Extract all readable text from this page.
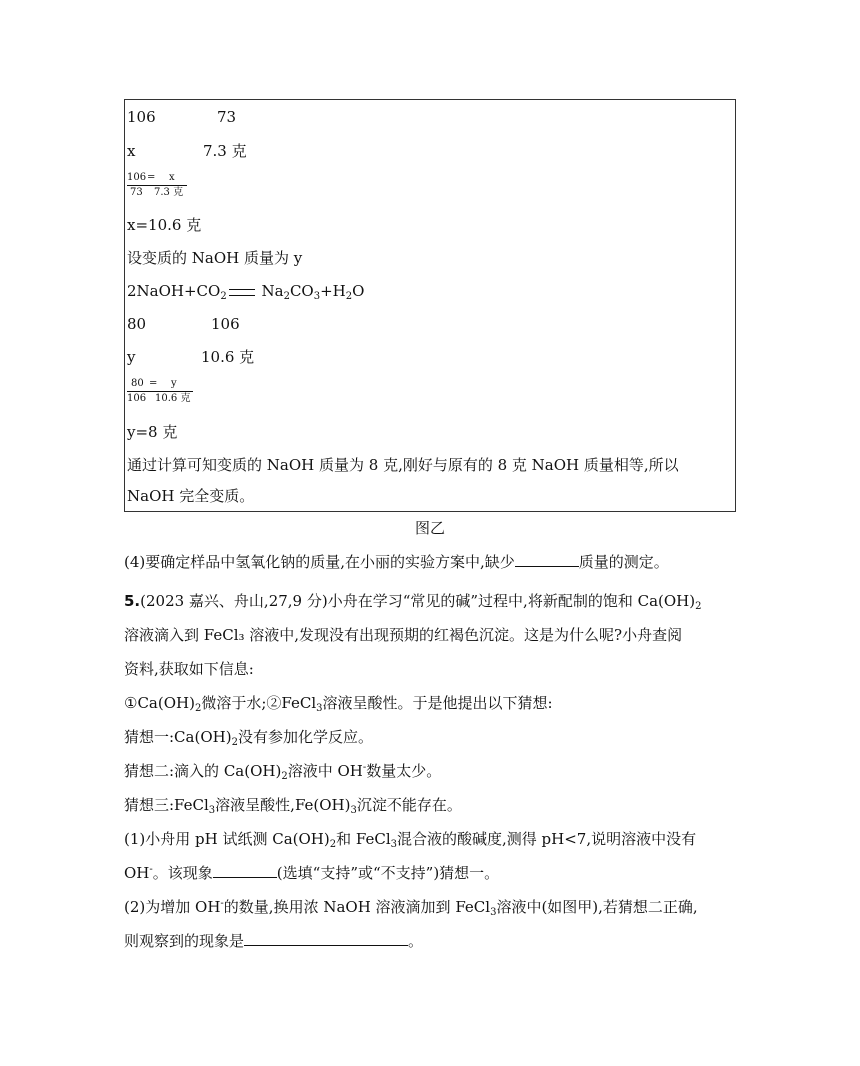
106	73
x	7.3 克
106 = x
73 7.3 克
x=10.6 克
设变质的 NaOH 质量为 y
$2NaOH+CO_2$ $Na_2CO_3+H_2O$
80	106
y	10.6 克
80 = y
106 10.6 克
y=8 克
通过计算可知变质的 NaOH 质量为 8 克,刚好与原有的 8 克 NaOH 质量相等,所以
NaOH 完全变质。
图乙
(4)要确定样品中氢氧化钠的质量,在小丽的实验方案中,缺少	质量的测定。
5.(2023 嘉兴、舟山,27,9 分)小舟在学习“常见的碱”过程中,将新配制的饱和 $Ca(OH)_2$
溶液滴入到 FeCl₃ 溶液中,发现没有出现预期的红褐色沉淀。这是为什么呢?小舟查阅
资料,获取如下信息:
$①Ca(OH)_2$微溶于水;②FeCl$_3$溶液呈酸性。于是他提出以下猜想:
猜想一$:Ca(OH)_2$没有参加化学反应。
猜想二:滴入的 $Ca(OH)_2$溶液中 OH-数量太少。
猜想三:FeCl$_3$溶液呈酸性$,Fe(OH)_3$沉淀不能存在。
(1)小舟用 pH 试纸测 $Ca(OH)_2$和 FeCl$_3$混合液的酸碱度,测得 pH<7,说明溶液中没有
OH-。该现象	(选填“支持”或“不支持”)猜想一。
(2)为增加 OH-的数量,换用浓 NaOH 溶液滴加到 FeCl$_3$溶液中(如图甲),若猜想二正确,
则观察到的现象是	。
